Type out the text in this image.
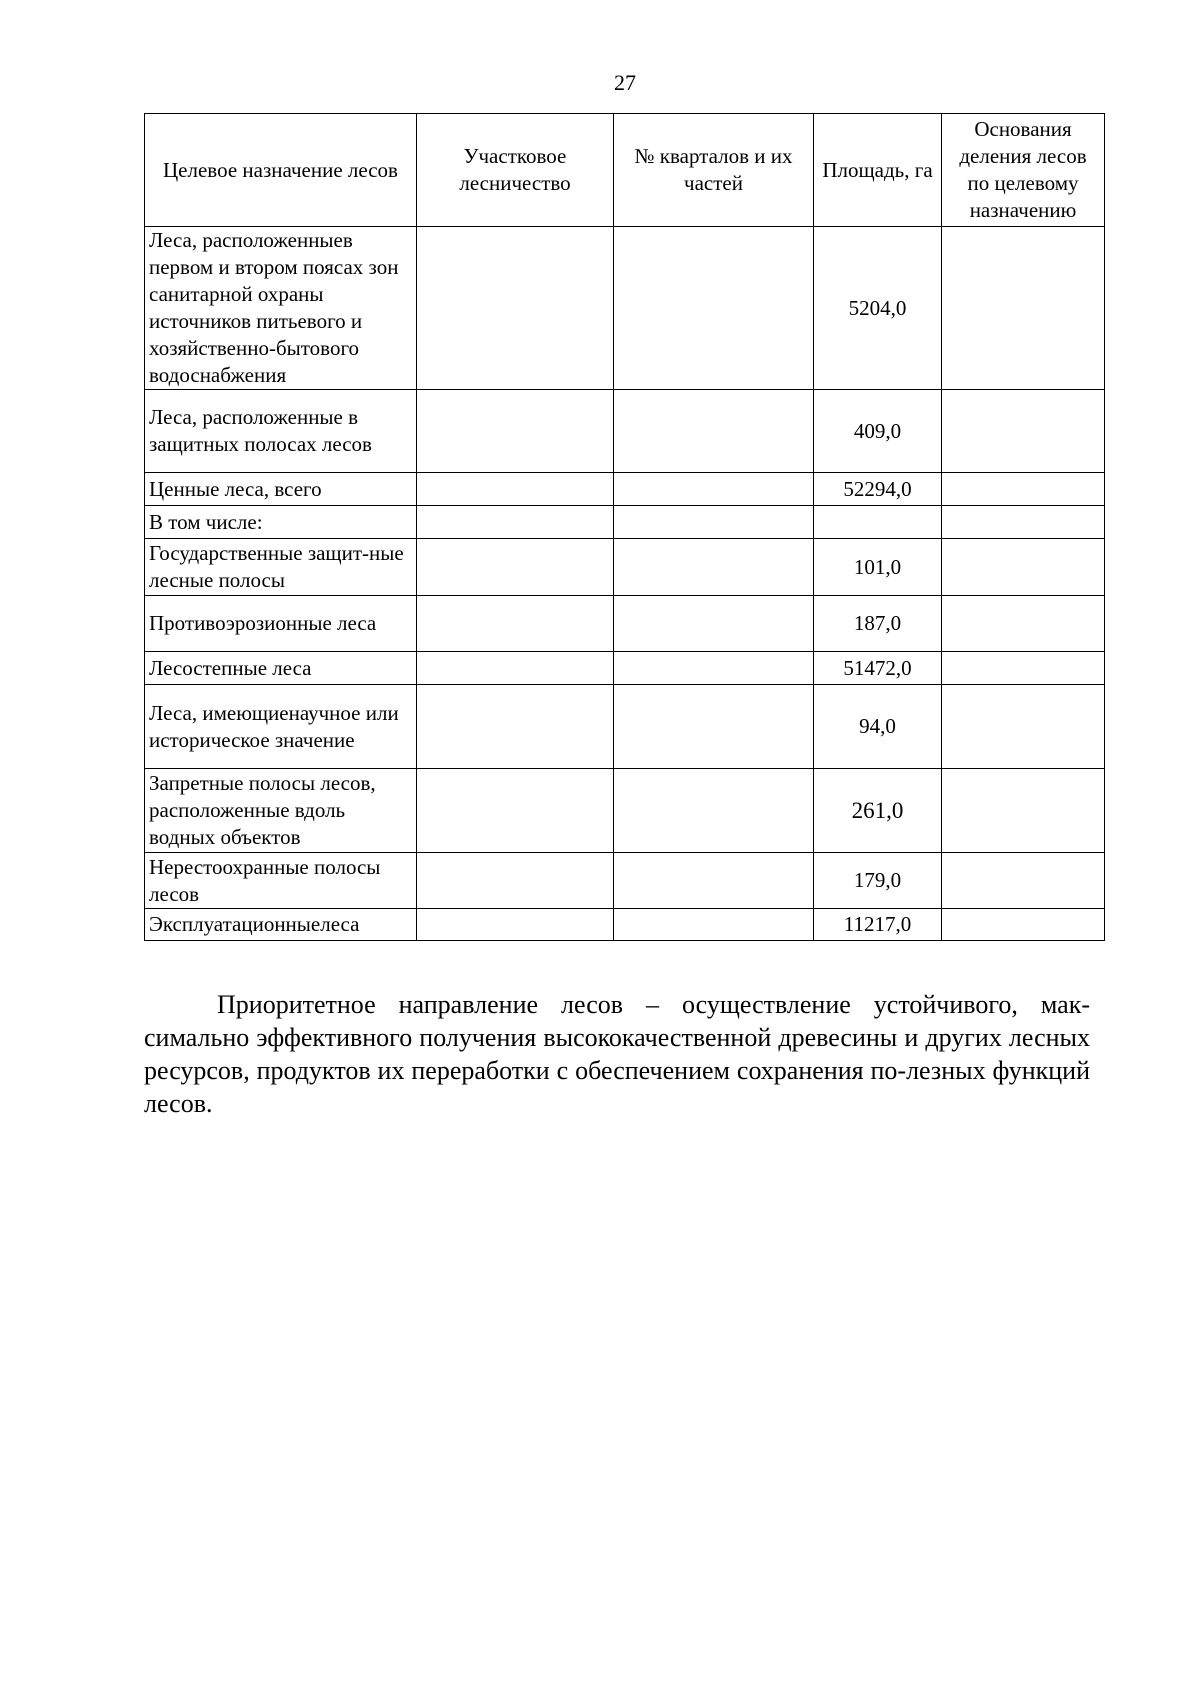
27
Целевое назначение лесов	Участковое лесничество	№ кварталов и их частей	Площадь, га	Основания деления лесов по целевому назначению
Леса, расположенныев первом и втором поясах зон санитарной охраны источников питьевого и хозяйственно-бытового водоснабжения			5204,0	
Леса, расположенные в защитных полосах лесов			409,0	
Ценные леса, всего			52294,0	
В том числе:				
Государственные защит-ные лесные полосы			101,0	
Противоэрозионные леса			187,0	
Лесостепные леса			51472,0	
Леса, имеющиенаучное или историческое значение			94,0	
Запретные полосы лесов, расположенные вдоль водных объектов			261,0	
Нерестоохранные полосы лесов			179,0	
Эксплуатационныелеса			11217,0	

Приоритетное направление лесов – осуществление устойчивого, мак-симально эффективного получения высококачественной древесины и других лесных ресурсов, продуктов их переработки с обеспечением сохранения по-лезных функций лесов.
